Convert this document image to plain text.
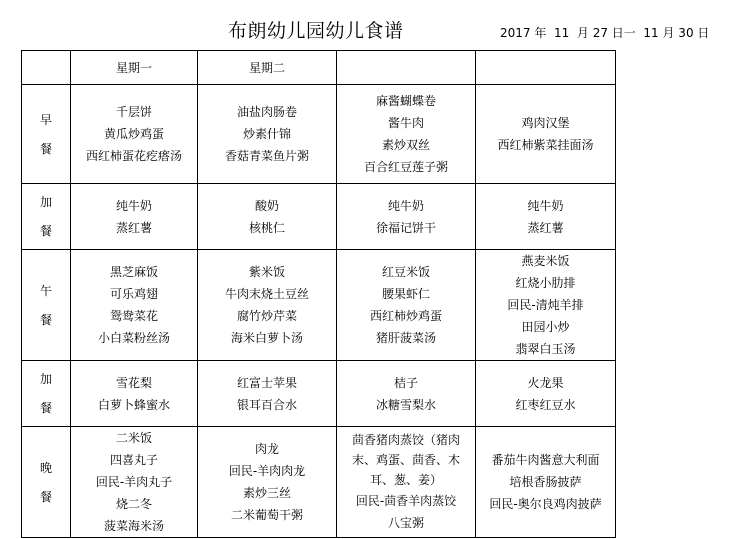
布朗幼儿园幼儿食谱	2017 年  11  月 27 日一  11 月 30 日
	星期一	星期二		

早
餐	千层饼
黄瓜炒鸡蛋
西红柿蛋花疙瘩汤	油盐肉肠卷
炒素什锦
香菇青菜鱼片粥	麻酱蝴蝶卷
酱牛肉
素炒双丝
百合红豆莲子粥	鸡肉汉堡
西红柿紫菜挂面汤

加
餐	纯牛奶
蒸红薯	酸奶
核桃仁	纯牛奶
徐福记饼干	纯牛奶
蒸红薯

午
餐	黑芝麻饭
可乐鸡翅
鸳鸯菜花
小白菜粉丝汤	紫米饭
牛肉末烧土豆丝
腐竹炒芹菜
海米白萝卜汤	红豆米饭
腰果虾仁
西红柿炒鸡蛋
猪肝菠菜汤	燕麦米饭
红烧小肋排
回民-清炖羊排
田园小炒
翡翠白玉汤

加
餐	雪花梨
白萝卜蜂蜜水	红富士苹果
银耳百合水	桔子
冰糖雪梨水	火龙果
红枣红豆水

晚
餐	二米饭
四喜丸子
回民-羊肉丸子
烧二冬
菠菜海米汤	肉龙
回民-羊肉肉龙
素炒三丝
二米葡萄干粥	茴香猪肉蒸饺（猪肉末、鸡蛋、茴香、木耳、葱、姜）
回民-茴香羊肉蒸饺
八宝粥	番茄牛肉酱意大利面
培根香肠披萨
回民-奥尔良鸡肉披萨
